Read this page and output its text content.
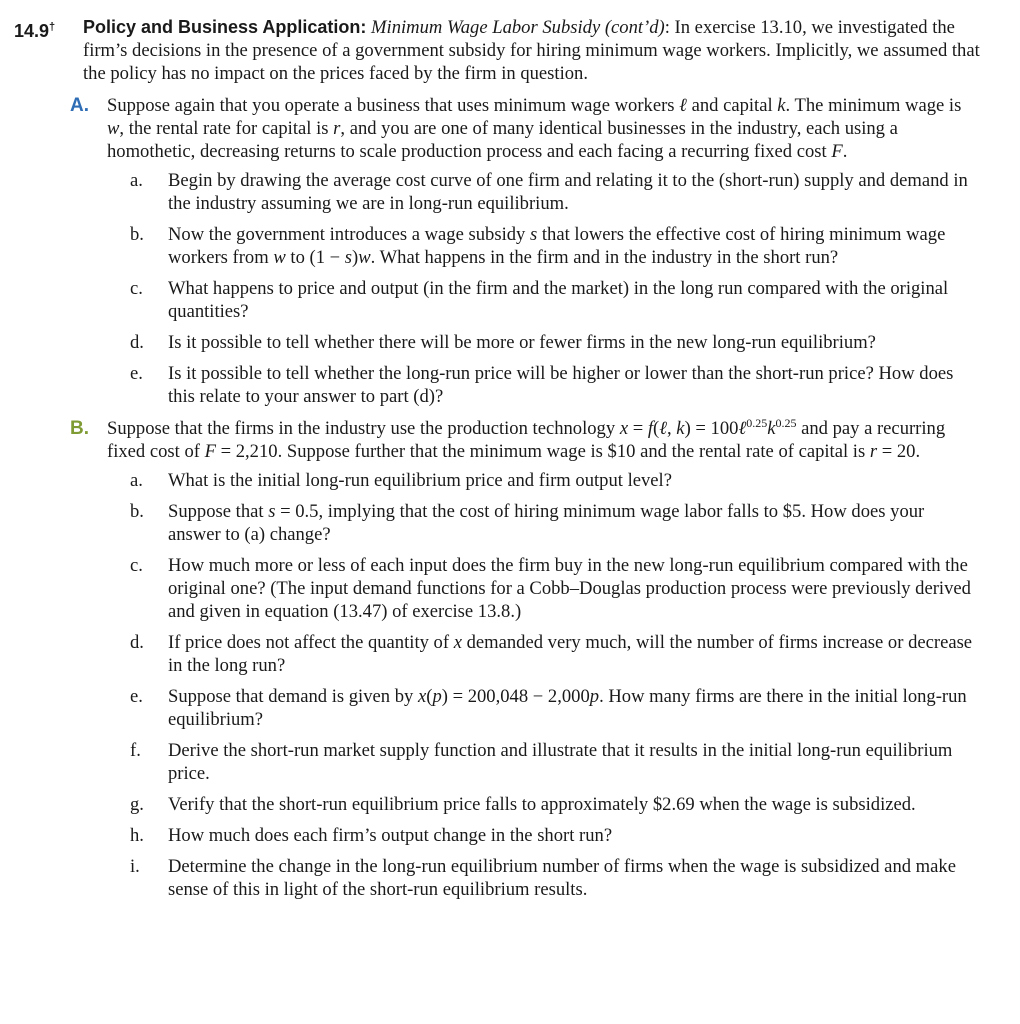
14.9† Policy and Business Application: Minimum Wage Labor Subsidy (cont’d): In exercise 13.10, we investigated the firm’s decisions in the presence of a government subsidy for hiring minimum wage workers. Implicitly, we assumed that the policy has no impact on the prices faced by the firm in question.
A. Suppose again that you operate a business that uses minimum wage workers ℓ and capital k. The minimum wage is w, the rental rate for capital is r, and you are one of many identical businesses in the industry, each using a homothetic, decreasing returns to scale production process and each facing a recurring fixed cost F.
a. Begin by drawing the average cost curve of one firm and relating it to the (short-run) supply and demand in the industry assuming we are in long-run equilibrium.
b. Now the government introduces a wage subsidy s that lowers the effective cost of hiring minimum wage workers from w to (1 − s)w. What happens in the firm and in the industry in the short run?
c. What happens to price and output (in the firm and the market) in the long run compared with the original quantities?
d. Is it possible to tell whether there will be more or fewer firms in the new long-run equilibrium?
e. Is it possible to tell whether the long-run price will be higher or lower than the short-run price? How does this relate to your answer to part (d)?
B. Suppose that the firms in the industry use the production technology x = f(ℓ, $k) = 100\ell^{0.25}k^{0.25}$ and pay a recurring fixed cost of F = 2,210. Suppose further that the minimum wage is $10 and the rental rate of capital is r = 20.
a. What is the initial long-run equilibrium price and firm output level?
b. Suppose that s = 0.5, implying that the cost of hiring minimum wage labor falls to $5. How does your answer to (a) change?
c. How much more or less of each input does the firm buy in the new long-run equilibrium compared with the original one? (The input demand functions for a Cobb–Douglas production process were previously derived and given in equation (13.47) of exercise 13.8.)
d. If price does not affect the quantity of x demanded very much, will the number of firms increase or decrease in the long run?
e. Suppose that demand is given by x(p) = 200,048 − 2,000p. How many firms are there in the initial long-run equilibrium?
f. Derive the short-run market supply function and illustrate that it results in the initial long-run equilibrium price.
g. Verify that the short-run equilibrium price falls to approximately $2.69 when the wage is subsidized.
h. How much does each firm’s output change in the short run?
i. Determine the change in the long-run equilibrium number of firms when the wage is subsidized and make sense of this in light of the short-run equilibrium results.
